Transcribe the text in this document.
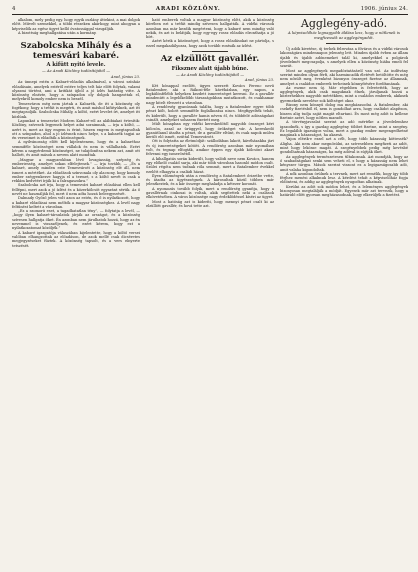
4	ARADI KÖZLÖNY.	1906. június 24.

alkalom, mely pedig egy. hogy egyik oszlány áttekint, a mai dolgok előtt. Művelt szemekkel, a többi részeken akárhogy, mint ahogyan a képviselők az egész ügyet kellő óvatossággal vizsgálják.

A bizottság meghallgatása után a kormány.

Szabolcska Mihály és a temesvári kabaré.
A kifütt nyitó levele.
— Az Aradi Közlöny tudósítójától —
Arad, június 23.

Az ünnepi estén a Kabaré-előadás alkalmával, a városi színház előadásain, amelyek estéről estére teljes telt ház előtt folytak, valami olyasmi történt, ami a kritikát újból a jó ízlés határáig vitte. A közönség elnézte, hogy a színpadon oly dolgok hangzottak el, melyekről komoly ember nem is beszél.

Temesváron még nem jártak a Kabarék, de itt a közönség oly fogékony, hogy a tréfát is megérti, és amit máshol kifütyülnek, azt itt megtapsolják. Szabolcska Mihály, a költő, ezért levelet írt, amelyet itt közlünk.

Lapunkat a temesvári Modern Kabaré-ról az alábbiakat értesítik: Közlöny, szívesek legyenek helyet adni soraimnak, — írja a költő, — azért is, mert az ügy engem is érint, hiszen engem is megtapsoltak ott a színpadon, ahol a jó ízlésnek nincs helye, s a kabarék tagjai az én verseimet is előadták a közönségnek.

A nyilvánosság előtt kell kijelentenem, hogy én a kabaréhoz semmiféle közösséget nem vállalok és nem is vállalhatok. Ezért kérem a nagyérdemű közönséget, ne tulajdonítsa nekem azt, amit ott hallott, és amit mások a nevem alatt mondtak.

„Magyar a magyarokban lévő lovagiasság, szépség és emberiesség, amelyet sokan elfelejtenek.” — írja tovább, — „És a kabaré, amely minden este Temesvárott a közönség elé áll, nem ismeri a mértéket. Az előadások színvonala oly alacsony, hogy komoly ember szégyenkezve hagyja el a termet, s a költő nevét is csak a reklám kedvéért írják ki a falragaszokra.”

Szabolcska azt írja, hogy a temesvári kabaré előadásai ellen kell fellépni, mert azok a jó ízlést és a közerkölcsöt egyaránt sértik. Az ő nevét ne használják fel, mert ő nem adta hozzá beleegyezését.

Dalmady Győző jelen volt azon az estén, és ő is nyilatkozott, hogy a kabaré előadásai nem méltók a magyar közönséghez. A levél nagy feltűnést keltett a városban.

„Ez a szomorú eset, a tagadhatatlan tény”, — folytatja a levél, — „hogy ilyen kabaré-társulatok járják az országot, és a közönség szívesen hallgatja őket. Én azonban nem járulhatok hozzá, hogy az én nevemmel is visszaéljenek, és ezért kérem, hogy ezt a nyilatkozatomat közöljék.”

A kabaré igazgatója válaszában kijelentette, hogy a költő versei valóban elhangzottak az előadáson, de azok mellé csak dicséretes megjegyzéseket fűztek. A közönség tapsolt, és a vers elnyerte tetszését.

ható emberek voltak a magyar közönség előtt, akik a közönség körében ezt a tréfát mindig szívesen hallgatták. A vidéki városok azonban ma már kezdik megérteni, hogy a kabaré nem mindig való nekik, és azt is belátják, hogy egy-egy rossz előadás elronthatja a jó hírt.

Azért kérik a közönséget, hogy a rossz előadásokat ne pártolja, s ezzel megakadályozza, hogy azok tovább rontsák az ízlést.

Az elzüllött gavallér.
Fiksznev alatt újabb bűne.
— Az Aradi Közlöny tudósítójától —
Arad, június 23.

Két hónappal ezelőtt, ügyes szerzett Kovács Ferenc nevű fiatalember, aki a Rákosi-féle kávéházban, egy napon, a legkülönfélébb helyeken kezdett ismeretséget keresni. Ez a gavallér mindenütt a legelőkelőbb társaságokban mutatkozott, és csakhamar nagy hitelt élvezett a városban.

A rendőrség gyanúsnak találta, hogy a fiatalember egyre több pénzt költ, holott semmiféle foglalkozása nincs. Megfigyelték tehát, és kiderült, hogy a gavallér hamis néven él, és többfelé adósságokat csinált, amelyeket sohasem fizetett meg.

Múlt hónapban egy vidéki kereskedőtől nagyobb összeget kért kölcsön, azzal az ürüggyel, hogy örökséget vár. A kereskedő gyanútlanul átadta a pénzt, de a gavallér eltűnt, és csak napok múlva került elő ismét, ezúttal Temesvárott.

Ott is folytatta az életmódját: szállodában lakott, kávéházakba járt és új ismeretségeket kötött. A rendőrség azonban már nyomában volt, és tegnap elfogták, amikor éppen egy újabb kölcsönt akart felvenni egy ismerősétől.

A kihallgatás során kiderült, hogy valódi neve nem Kovács, hanem egy előkelő család sarja, aki már több városban hasonló módon csalt. Szülei régóta nem tudnak róla semmit, mert a fiatalember évekkel ezelőtt elhagyta a családi házat.

Ilyen előzmények után a rendőrség a fiatalembert őrizetbe vette, és átadta az ügyészségnek. A károsultak közül többen már jelentkeztek, és a kár összege meghaladja a kétezer koronát.

A nyomozás tovább folyik, mert a rendőrség gyanítja, hogy a gavallérnak cinkosai is voltak, akik segítettek neki a csalások elkövetésében. A város közönsége nagy érdeklődéssel kíséri az ügyet.

Most a hatóság azt is kideríti, hogy mennyi pénzt csalt ki az elzüllött gavallér, és hová tette azt.

Agglegény-adó.
A képviselőház legnagyobb áldása lesz, hogy a nőtlenek is megfizessék az agglegényadót.

Új adók kivetése, új terhek felrovása a főváros és a vidéki városok lakosságára mindennapos jelenség lett. Minden újabb évben az állam újabb és újabb adónemeket talál ki, amelyekkel a polgárok jövedelmét megcsapolja, s amelyek ellen a közönség hiába emeli fel szavát.

Most az agglegények megadóztatásáról van szó. Az indítvány szerint minden olyan férfi, aki harmincadik életévét betöltötte és még nem nősült meg, évenként bizonyos összeget fizetne az államnak, amelyet a családos emberek terheinek könnyítésére fordítanának.

Az eszme nem új. Már régebben is felvetették, hogy az agglegények, akik csak maguknak élnek, járuljanak hozzá a közterhekhez nagyobb mértékben, mint a családos emberek, akiknek gyermekeik nevelése sok költséget okoz.

Bizony nem könnyű dolog ma megházasodni. A fiatalember, aki csekély fizetésből él, nem is gondolhat arra, hogy családot alapítson, hiszen alig tudja saját magát eltartani. És most még adót is kellene fizetnie azért, hogy nőtlen maradt.

A törvényjavaslat szerint az adó mértéke a jövedelemhez igazodnék, s így a gazdag agglegény többet fizetne, mint a szegény. Ez legalább igazságos volna, mert a gazdag ember megengedhetné magának a házasságot, ha akarná.

Vajon elérik-e ezzel azt a célt, hogy több házasság köttessék? Aligha. Aki nem akar megnősülni, az szívesebben megfizeti az adót, mint hogy lekösse magát. A szegényebbek pedig még kevésbé gondolhatnak házasságra, ha még adóval is sújtják őket.

Az agglegények természetesen tiltakoznak. Azt mondják, hogy az ő szabadságukat senki sem veheti el, s hogy a házasság nem lehet kényszer tárgya. Mások szerint viszont ez a legigazságosabb adó, amit valaha kigondoltak.

A nők azonban örülnek a tervnek, mert azt remélik, hogy így több férjhez menési alkalmuk lesz. A kérdést tehát a képviselőház fogja eldönteni, és addig az agglegények nyugodtan alhatnak.

Kerülni az adót sok módon lehet, és a leleményes agglegények bizonyosan megtalálják a módját. Egyesek már azt tervezik, hogy a határidő előtt gyorsan megházasodnak, hogy elkerüljék a fizetést.
